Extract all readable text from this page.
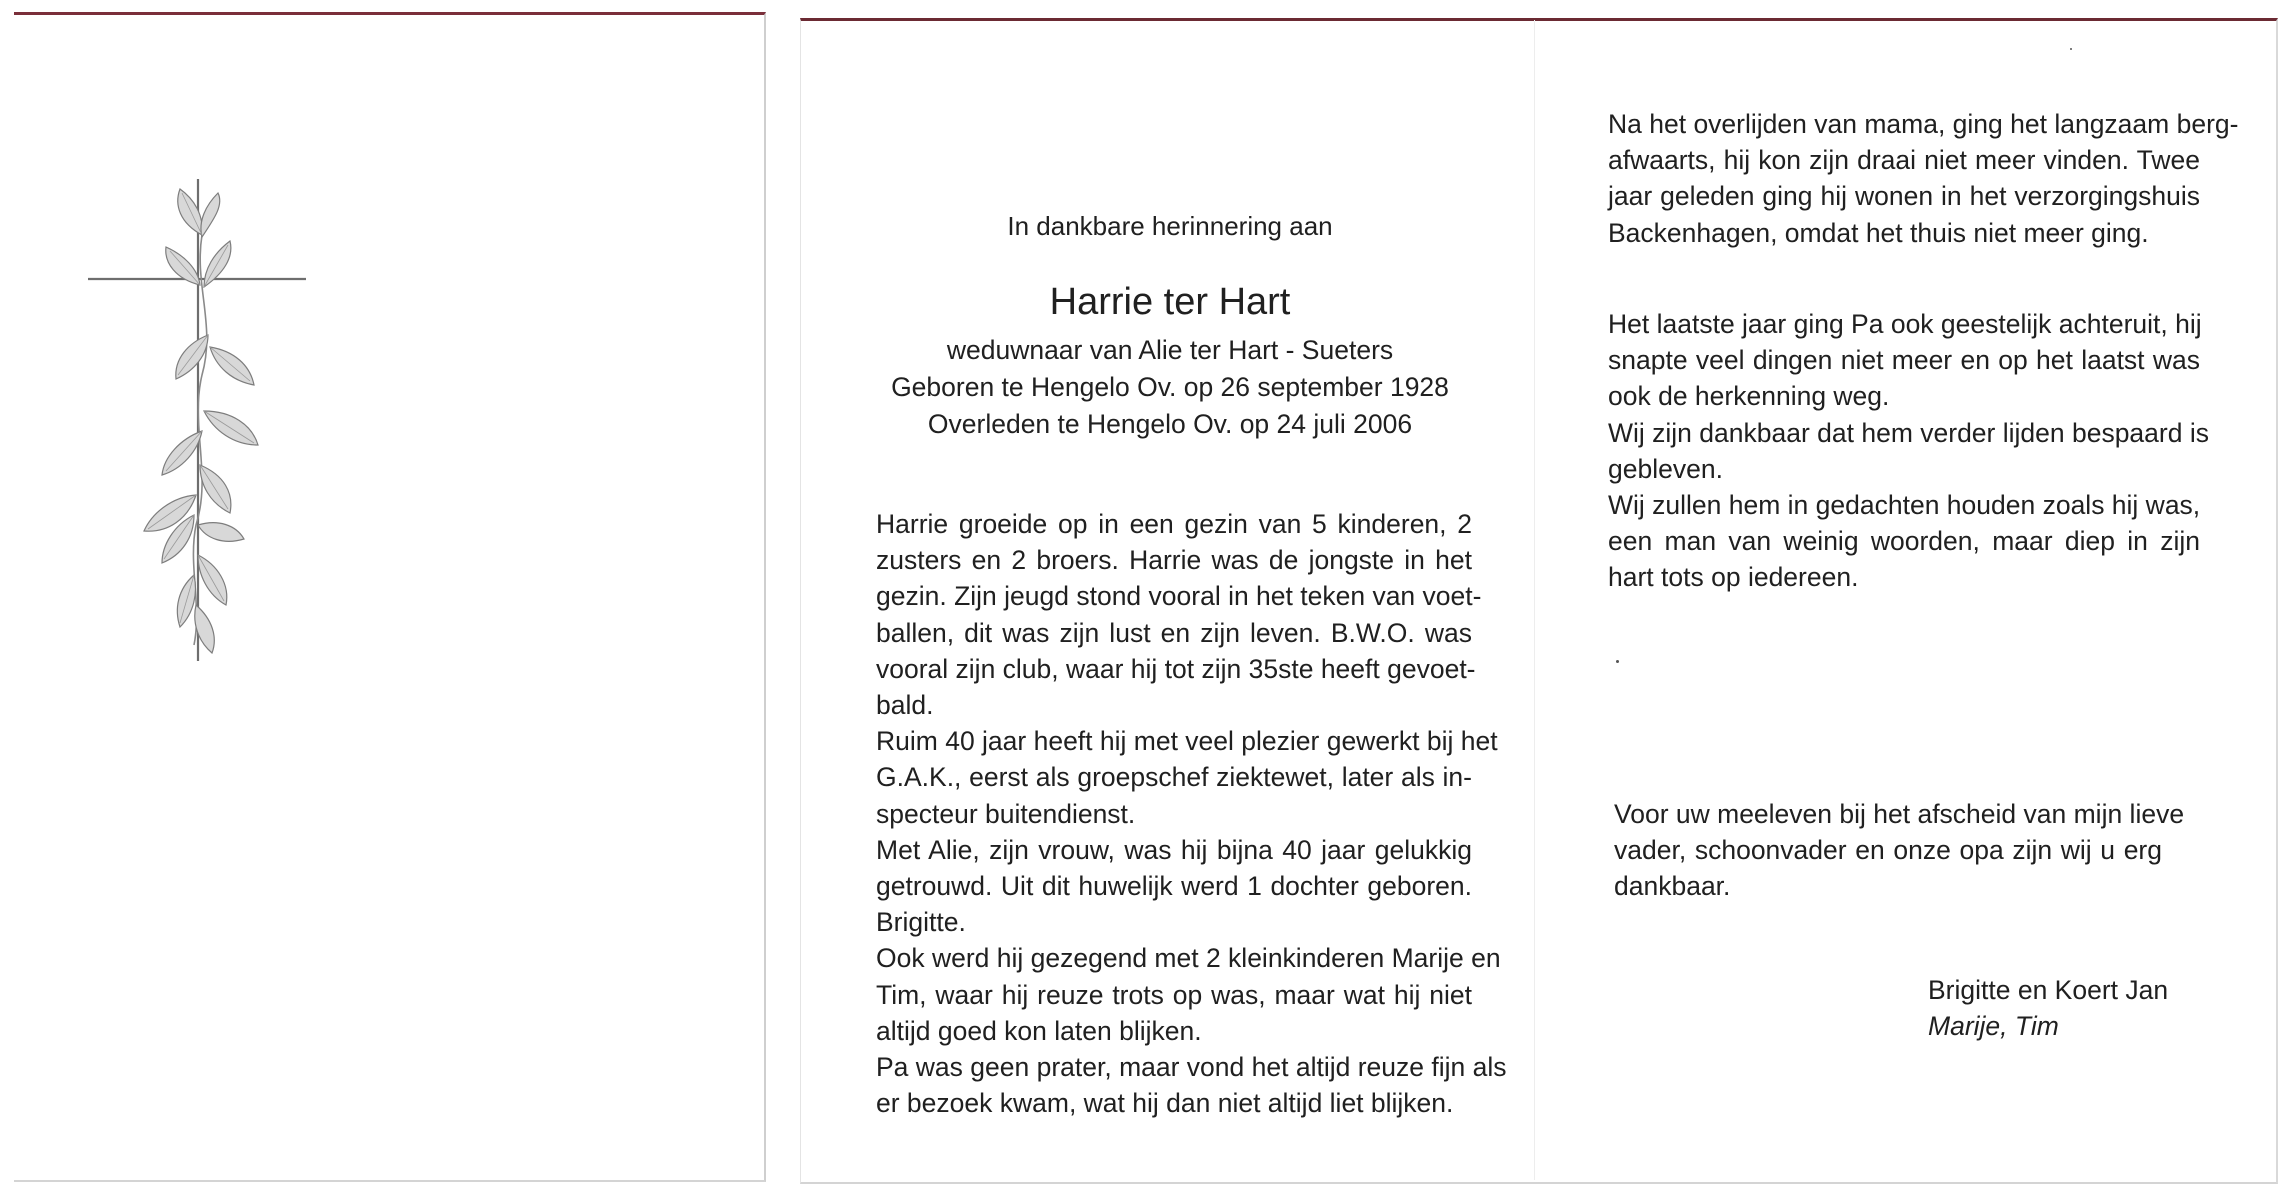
In dankbare herinnering aan

Harrie ter Hart

weduwnaar van Alie ter Hart - Sueters
Geboren te Hengelo Ov. op 26 september 1928
Overleden te Hengelo Ov. op 24 juli 2006
Harrie groeide op in een gezin van 5 kinderen, 2
zusters en 2 broers. Harrie was de jongste in het
gezin. Zijn jeugd stond vooral in het teken van voet-
ballen, dit was zijn lust en zijn leven. B.W.O. was
vooral zijn club, waar hij tot zijn 35ste heeft gevoet-
bald.
Ruim 40 jaar heeft hij met veel plezier gewerkt bij het
G.A.K., eerst als groepschef ziektewet, later als in-
specteur buitendienst.
Met Alie, zijn vrouw, was hij bijna 40 jaar gelukkig
getrouwd. Uit dit huwelijk werd 1 dochter geboren.
Brigitte.
Ook werd hij gezegend met 2 kleinkinderen Marije en
Tim, waar hij reuze trots op was, maar wat hij niet
altijd goed kon laten blijken.
Pa was geen prater, maar vond het altijd reuze fijn als
er bezoek kwam, wat hij dan niet altijd liet blijken.
Na het overlijden van mama, ging het langzaam berg-
afwaarts, hij kon zijn draai niet meer vinden. Twee
jaar geleden ging hij wonen in het verzorgingshuis
Backenhagen, omdat het thuis niet meer ging.
Het laatste jaar ging Pa ook geestelijk achteruit, hij
snapte veel dingen niet meer en op het laatst was
ook de herkenning weg.
Wij zijn dankbaar dat hem verder lijden bespaard is
gebleven.
Wij zullen hem in gedachten houden zoals hij was,
een man van weinig woorden, maar diep in zijn
hart tots op iedereen.
Voor uw meeleven bij het afscheid van mijn lieve
vader, schoonvader en onze opa zijn wij u erg
dankbaar.
Brigitte en Koert Jan
Marije, Tim
